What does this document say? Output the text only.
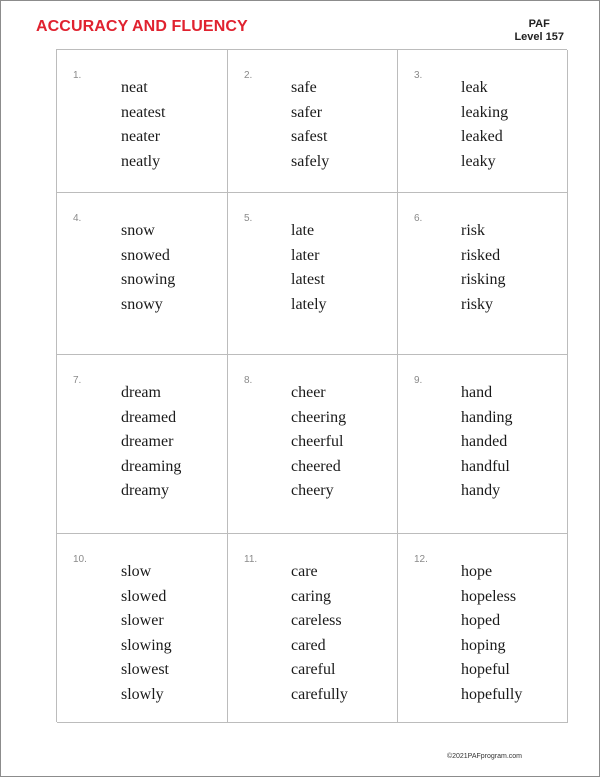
ACCURACY AND FLUENCY	PAF
Level 157
1.
neat
neatest
neater
neatly
2.
safe
safer
safest
safely
3.
leak
leaking
leaked
leaky
4.
snow
snowed
snowing
snowy
5.
late
later
latest
lately
6.
risk
risked
risking
risky
7.
dream
dreamed
dreamer
dreaming
dreamy
8.
cheer
cheering
cheerful
cheered
cheery
9.
hand
handing
handed
handful
handy
10.
slow
slowed
slower
slowing
slowest
slowly
11.
care
caring
careless
cared
careful
carefully
12.
hope
hopeless
hoped
hoping
hopeful
hopefully
©2021PAFprogram.com
